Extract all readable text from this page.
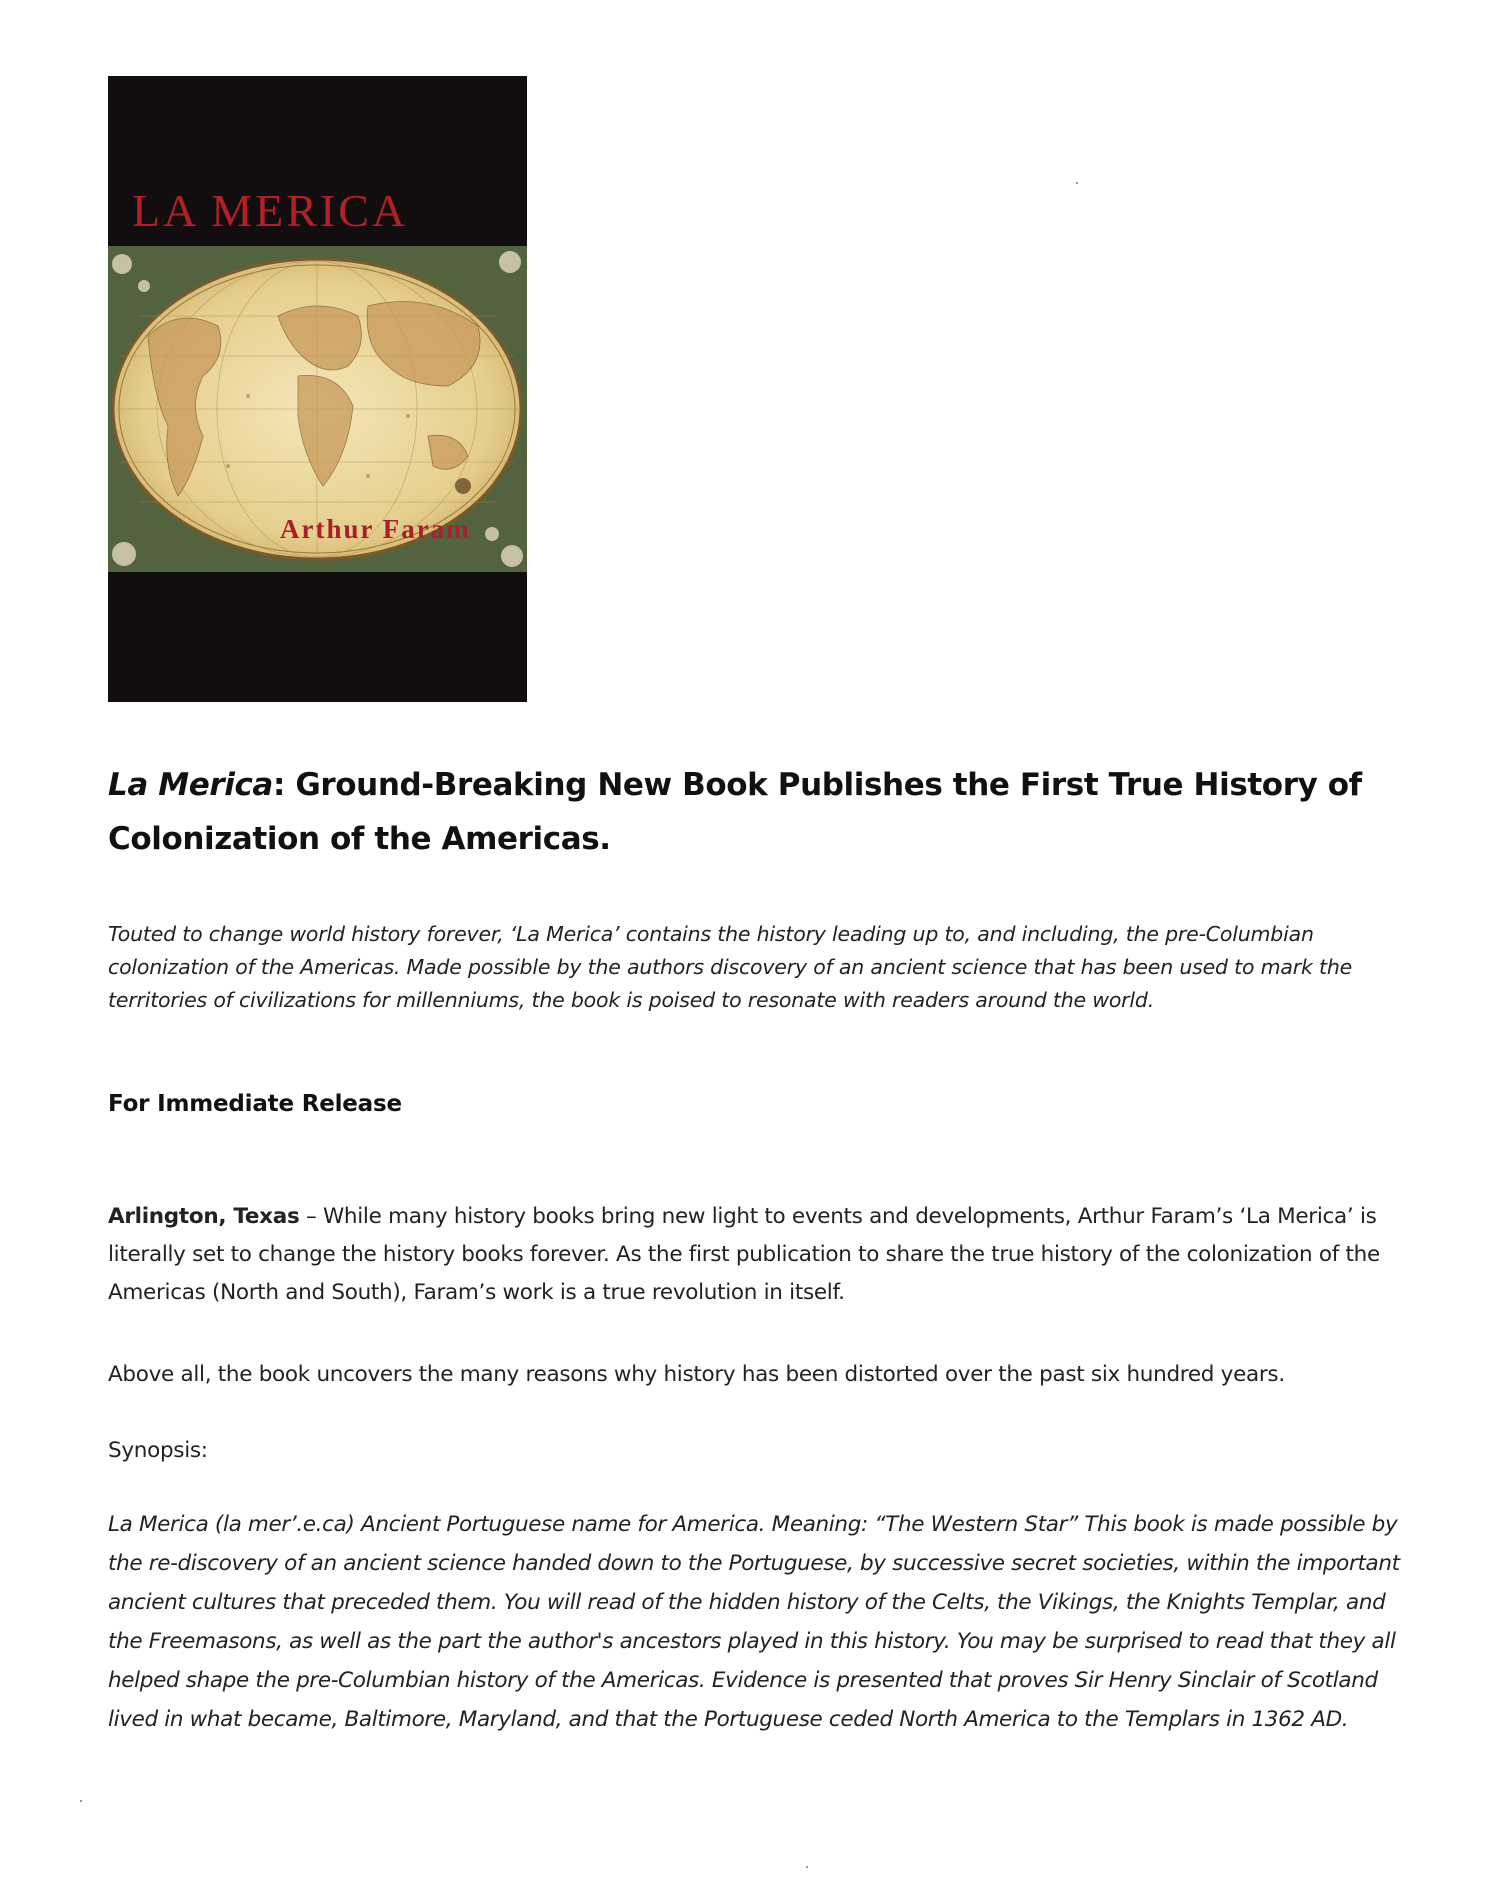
LA MERICA
Arthur Faram
La Merica: Ground-Breaking New Book Publishes the First True History of Colonization of the Americas.
Touted to change world history forever, ‘La Merica’ contains the history leading up to, and including, the pre-Columbian colonization of the Americas. Made possible by the authors discovery of an ancient science that has been used to mark the territories of civilizations for millenniums, the book is poised to resonate with readers around the world.
For Immediate Release
Arlington, Texas – While many history books bring new light to events and developments, Arthur Faram’s ‘La Merica’ is literally set to change the history books forever. As the first publication to share the true history of the colonization of the Americas (North and South), Faram’s work is a true revolution in itself.
Above all, the book uncovers the many reasons why history has been distorted over the past six hundred years.
Synopsis:
La Merica (la mer’.e.ca) Ancient Portuguese name for America. Meaning: “The Western Star” This book is made possible by the re-discovery of an ancient science handed down to the Portuguese, by successive secret societies, within the important ancient cultures that preceded them. You will read of the hidden history of the Celts, the Vikings, the Knights Templar, and the Freemasons, as well as the part the author's ancestors played in this history. You may be surprised to read that they all helped shape the pre-Columbian history of the Americas. Evidence is presented that proves Sir Henry Sinclair of Scotland lived in what became, Baltimore, Maryland, and that the Portuguese ceded North America to the Templars in 1362 AD.
